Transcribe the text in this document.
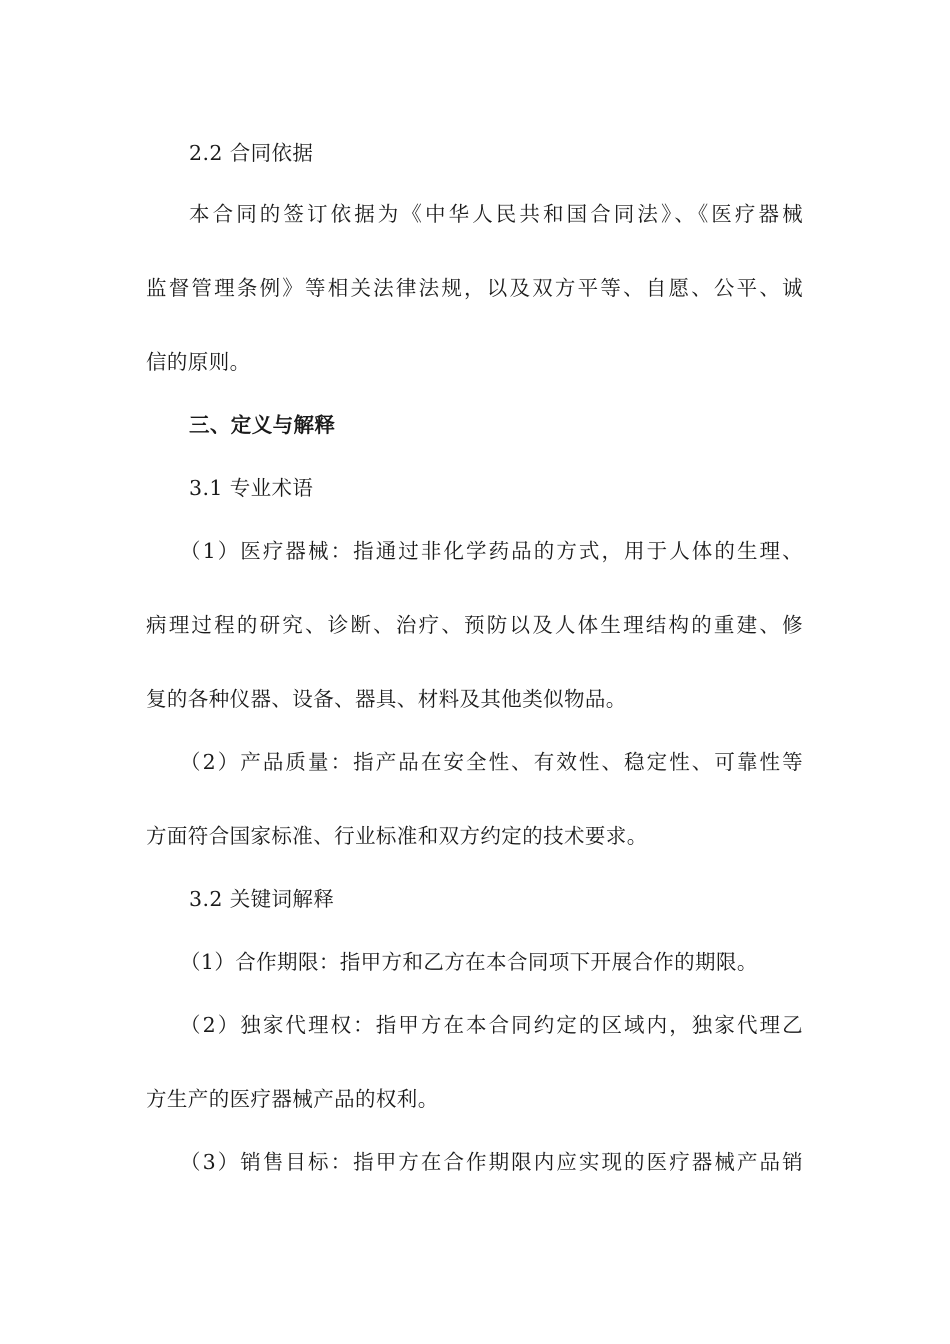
2.2 合同依据
本合同的签订依据为《中华人民共和国合同法》、《医疗器械
监督管理条例》等相关法律法规，以及双方平等、自愿、公平、诚
信的原则。
三、定义与解释
3.1 专业术语
（1）医疗器械：指通过非化学药品的方式，用于人体的生理、
病理过程的研究、诊断、治疗、预防以及人体生理结构的重建、修
复的各种仪器、设备、器具、材料及其他类似物品。
（2）产品质量：指产品在安全性、有效性、稳定性、可靠性等
方面符合国家标准、行业标准和双方约定的技术要求。
3.2 关键词解释
（1）合作期限：指甲方和乙方在本合同项下开展合作的期限。
（2）独家代理权：指甲方在本合同约定的区域内，独家代理乙
方生产的医疗器械产品的权利。
（3）销售目标：指甲方在合作期限内应实现的医疗器械产品销
